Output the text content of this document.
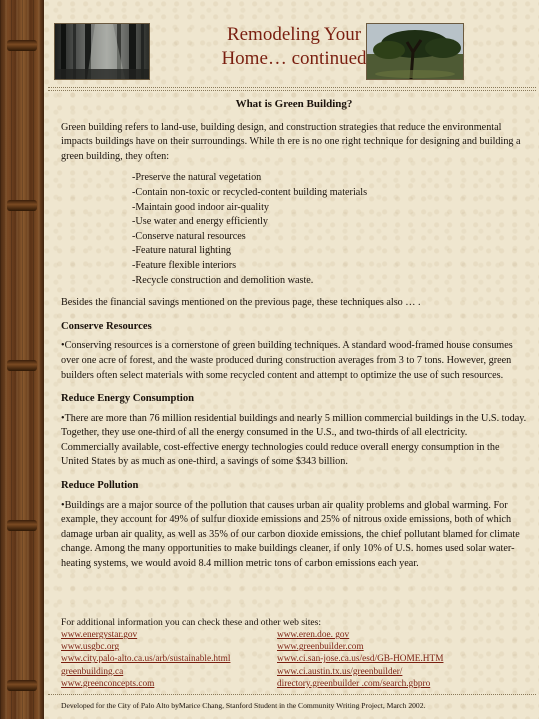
Remodeling Your
Home… continued
What is Green Building?

Green building refers to land-use, building design, and construction strategies that reduce the environmental impacts buildings have on their surroundings. While th ere is no one right technique for designing and building a green building, they often:

-Preserve the natural vegetation
-Contain non-toxic or recycled-content building materials
-Maintain good indoor air-quality
-Use water and energy efficiently
-Conserve natural resources
-Feature natural lighting
-Feature flexible interiors
-Recycle construction and demolition waste.

Besides the financial savings mentioned on the previous page, these techniques also … .

Conserve Resources

•Conserving resources is a cornerstone of green building techniques. A standard wood-framed house consumes over one acre of forest, and the waste produced during construction averages from 3 to 7 tons. However, green builders often select materials with some recycled content and attempt to optimize the use of such resources.

Reduce Energy Consumption

•There are more than 76 million residential buildings and nearly 5 million commercial buildings in the U.S. today. Together, they use one-third of all the energy consumed in the U.S., and two-thirds of all electricity. Commercially available, cost-effective energy technologies could reduce overall energy consumption in the United States by as much as one-third, a savings of some $343 billion.

Reduce Pollution

•Buildings are a major source of the pollution that causes urban air quality problems and global warming. For example, they account for 49% of sulfur dioxide emissions and 25% of nitrous oxide emissions, both of which damage urban air quality, as well as 35% of our carbon dioxide emissions, the chief pollutant blamed for climate change. Among the many opportunities to make buildings cleaner, if only 10% of U.S. homes used solar water-heating systems, we would avoid 8.4 million metric tons of carbon emissions each year.

For additional information you can check these and other web sites:
www.energystar.gov	www.eren.doe. gov
www.usgbc.org	www.greenbuilder.com
www.city.palo-alto.ca.us/arb/sustainable.html	www.ci.san-jose.ca.us/esd/GB-HOME.HTM
greenbuilding.ca	www.ci.austin.tx.us/greenbuilder/
www.greenconcepts.com	directory.greenbuilder .com/search.gbpro
Developed for the City of Palo Alto byMarice Chang, Stanford Student in the Community Writing Project, March 2002.
